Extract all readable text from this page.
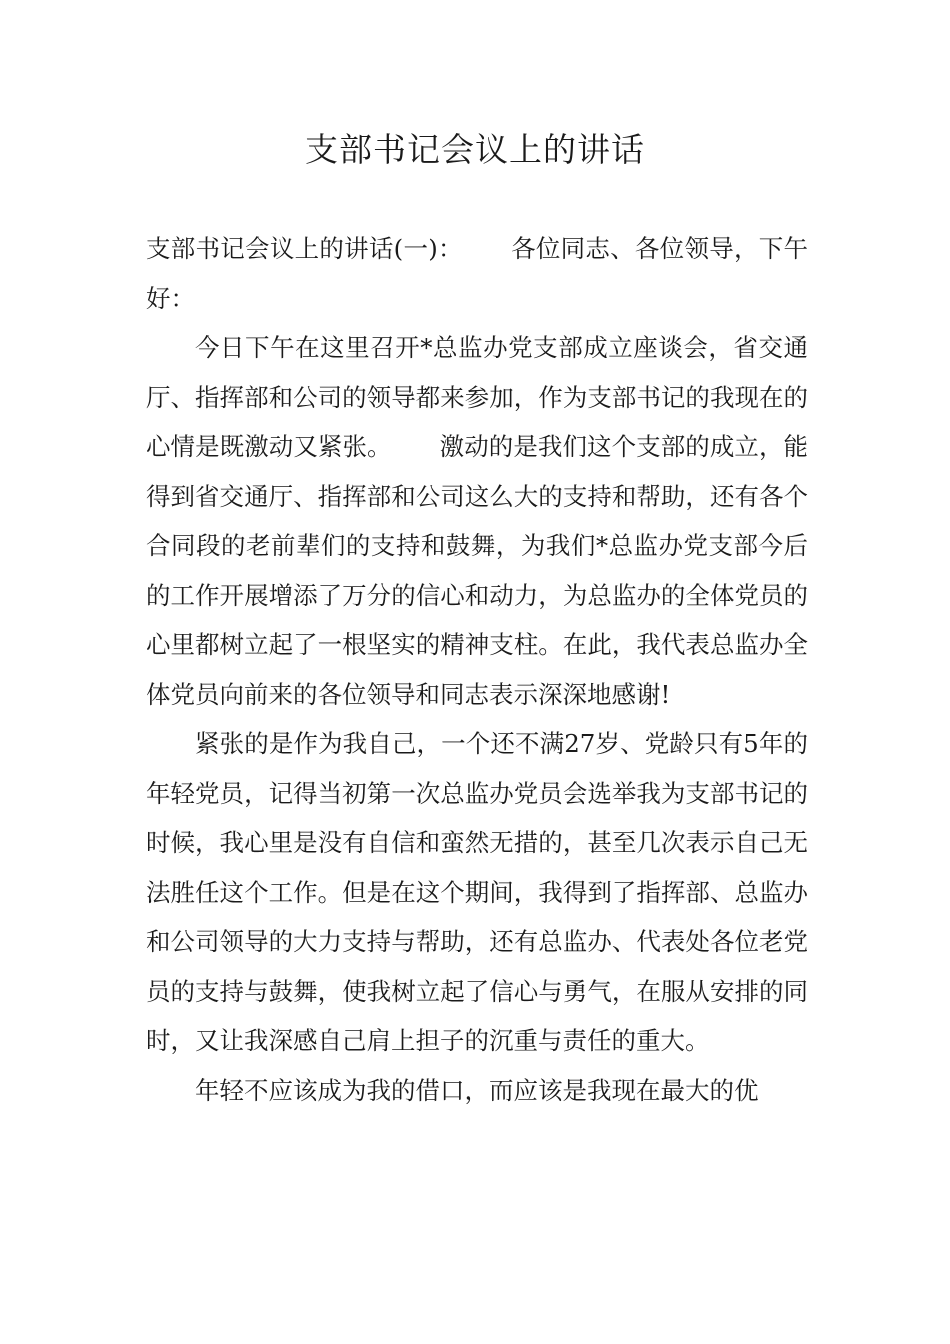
支部书记会议上的讲话

支部书记会议上的讲话(一)： 各位同志、各位领导，下午好：

今日下午在这里召开*总监办党支部成立座谈会，省交通厅、指挥部和公司的领导都来参加，作为支部书记的我现在的心情是既激动又紧张。 激动的是我们这个支部的成立，能得到省交通厅、指挥部和公司这么大的支持和帮助，还有各个合同段的老前辈们的支持和鼓舞，为我们*总监办党支部今后的工作开展增添了万分的信心和动力，为总监办的全体党员的心里都树立起了一根坚实的精神支柱。在此，我代表总监办全体党员向前来的各位领导和同志表示深深地感谢!

紧张的是作为我自己，一个还不满27岁、党龄只有5年的年轻党员，记得当初第一次总监办党员会选举我为支部书记的时候，我心里是没有自信和蛮然无措的，甚至几次表示自己无法胜任这个工作。但是在这个期间，我得到了指挥部、总监办和公司领导的大力支持与帮助，还有总监办、代表处各位老党员的支持与鼓舞，使我树立起了信心与勇气，在服从安排的同时，又让我深感自己肩上担子的沉重与责任的重大。

年轻不应该成为我的借口，而应该是我现在最大的优
